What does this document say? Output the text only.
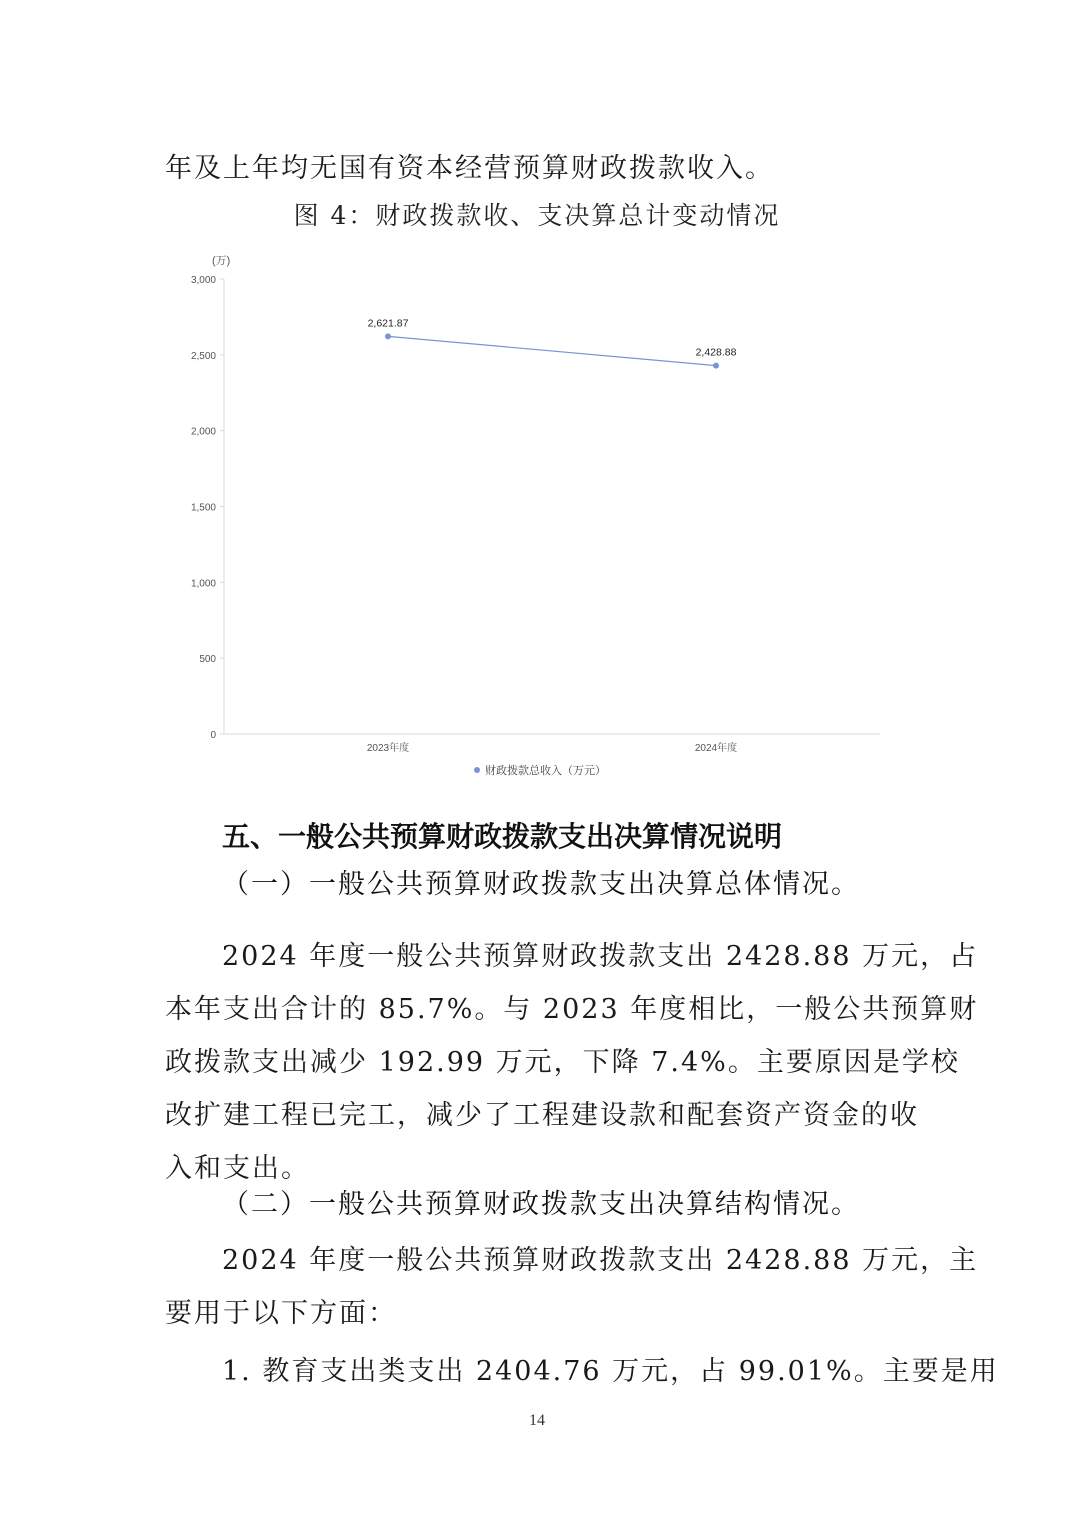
年及上年均无国有资本经营预算财政拨款收入。
图 4：财政拨款收、支决算总计变动情况
(万)
0
500
1,000
1,500
2,000
2,500
3,000
2023年度	2024年度
2,621.87
2,428.88
财政拨款总收入（万元）
五、一般公共预算财政拨款支出决算情况说明
（一）一般公共预算财政拨款支出决算总体情况。
2024 年度一般公共预算财政拨款支出 2428.88 万元，占
本年支出合计的 85.7%。与 2023 年度相比，一般公共预算财
政拨款支出减少 192.99 万元，下降 7.4%。主要原因是学校
改扩建工程已完工，减少了工程建设款和配套资产资金的收
入和支出。
（二）一般公共预算财政拨款支出决算结构情况。
2024 年度一般公共预算财政拨款支出 2428.88 万元，主
要用于以下方面：
1. 教育支出类支出 2404.76 万元，占 99.01%。主要是用
14
